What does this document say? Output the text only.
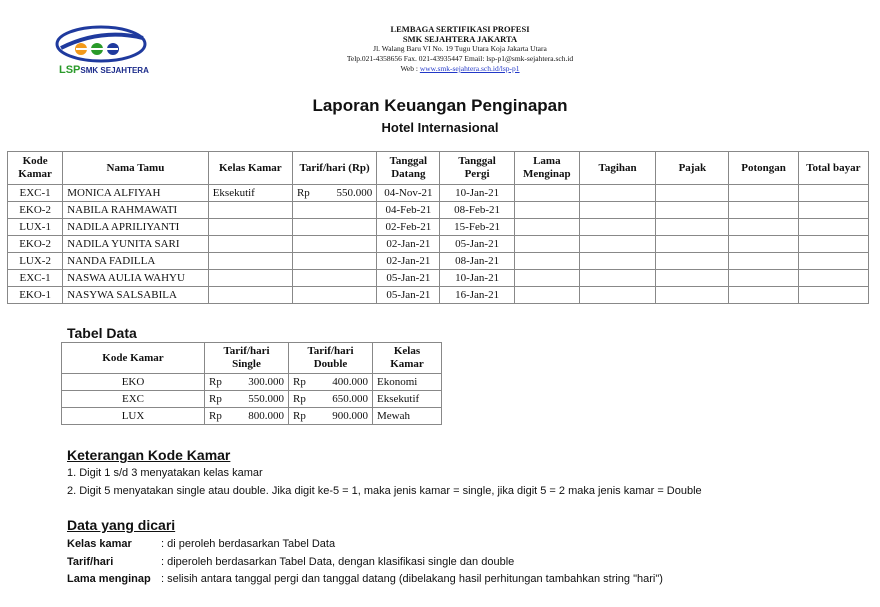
LSPSMK SEJAHTERA
LEMBAGA SERTIFIKASI PROFESI
SMK SEJAHTERA JAKARTA
Jl. Walang Baru VI No. 19 Tugu Utara Koja Jakarta Utara
Telp.021-4358656 Fax. 021-43935447 Email: lsp-p1@smk-sejahtera.sch.id
Web : www.smk-sejahtera.sch.id/lsp-p1
Laporan Keuangan Penginapan
Hotel Internasional
Kode Kamar	Nama Tamu	Kelas Kamar	Tarif/hari (Rp)	Tanggal Datang	Tanggal Pergi	Lama Menginap	Tagihan	Pajak	Potongan	Total bayar
EXC-1	MONICA ALFIYAH	Eksekutif	Rp 550.000	04-Nov-21	10-Jan-21					
EKO-2	NABILA RAHMAWATI			04-Feb-21	08-Feb-21					
LUX-1	NADILA APRILIYANTI			02-Feb-21	15-Feb-21					
EKO-2	NADILA YUNITA SARI			02-Jan-21	05-Jan-21					
LUX-2	NANDA FADILLA			02-Jan-21	08-Jan-21					
EXC-1	NASWA AULIA WAHYU			05-Jan-21	10-Jan-21					
EKO-1	NASYWA SALSABILA			05-Jan-21	16-Jan-21					
Tabel Data
Kode Kamar	Tarif/hari Single	Tarif/hari Double	Kelas Kamar
EKO	Rp 300.000	Rp 400.000	Ekonomi
EXC	Rp 550.000	Rp 650.000	Eksekutif
LUX	Rp 800.000	Rp 900.000	Mewah
Keterangan Kode Kamar
1. Digit 1 s/d 3 menyatakan kelas kamar
2. Digit 5 menyatakan single atau double. Jika digit ke-5 = 1, maka jenis kamar = single, jika digit 5 = 2 maka jenis kamar = Double
Data yang dicari
Kelas kamar	: di peroleh berdasarkan Tabel Data
Tarif/hari	: diperoleh berdasarkan Tabel Data, dengan klasifikasi single dan double
Lama menginap : selisih antara tanggal pergi dan tanggal datang (dibelakang hasil perhitungan tambahkan string "hari")
